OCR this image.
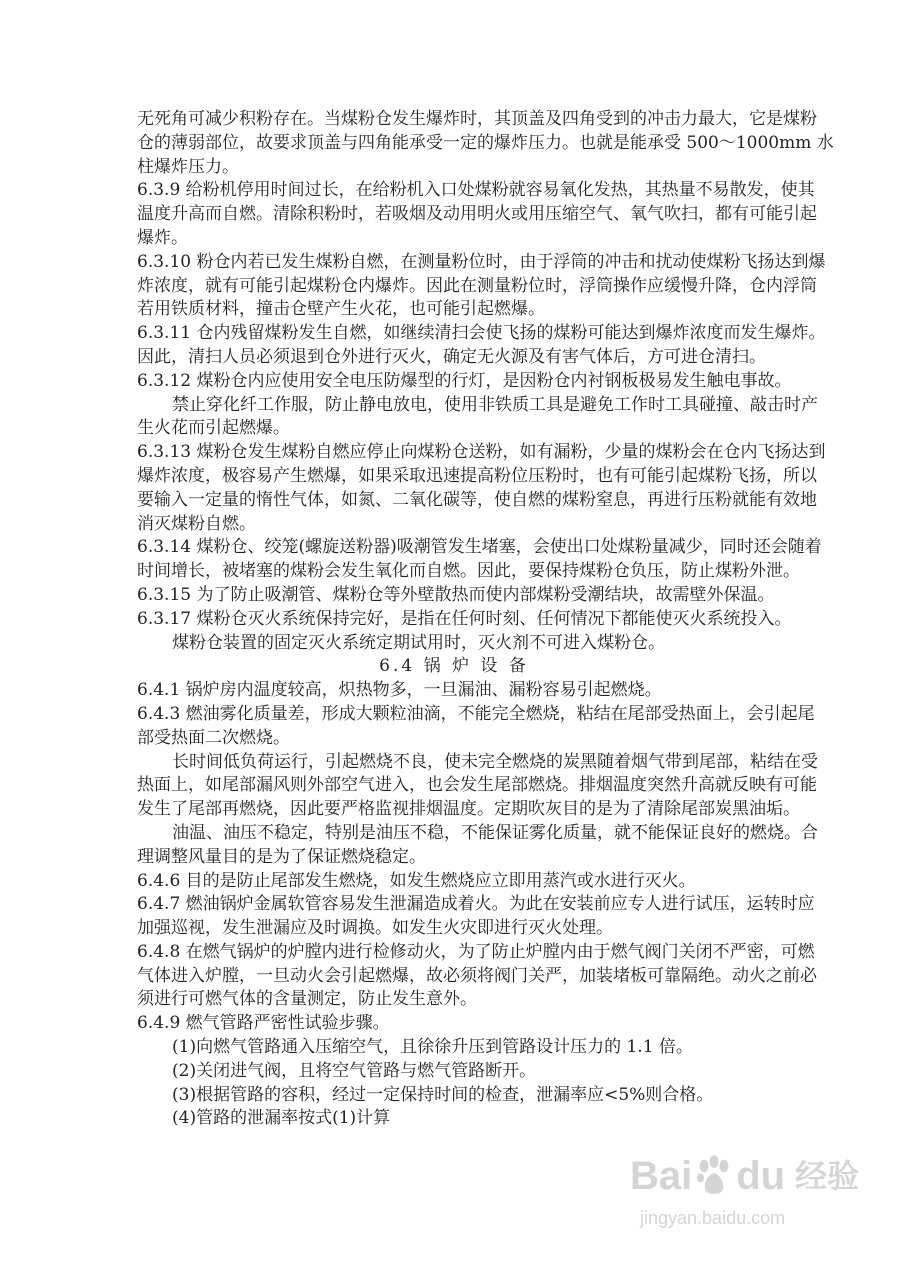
无死角可减少积粉存在。当煤粉仓发生爆炸时，其顶盖及四角受到的冲击力最大，它是煤粉
仓的薄弱部位，故要求顶盖与四角能承受一定的爆炸压力。也就是能承受 500～1000mm 水
柱爆炸压力。
6.3.9 给粉机停用时间过长，在给粉机入口处煤粉就容易氧化发热，其热量不易散发，使其
温度升高而自燃。清除积粉时，若吸烟及动用明火或用压缩空气、氧气吹扫，都有可能引起
爆炸。
6.3.10 粉仓内若已发生煤粉自燃，在测量粉位时，由于浮筒的冲击和扰动使煤粉飞扬达到爆
炸浓度，就有可能引起煤粉仓内爆炸。因此在测量粉位时，浮筒操作应缓慢升降，仓内浮筒
若用铁质材料，撞击仓壁产生火花，也可能引起燃爆。
6.3.11 仓内残留煤粉发生自燃，如继续清扫会使飞扬的煤粉可能达到爆炸浓度而发生爆炸。
因此，清扫人员必须退到仓外进行灭火，确定无火源及有害气体后，方可进仓清扫。
6.3.12 煤粉仓内应使用安全电压防爆型的行灯，是因粉仓内衬钢板极易发生触电事故。
禁止穿化纤工作服，防止静电放电，使用非铁质工具是避免工作时工具碰撞、敲击时产
生火花而引起燃爆。
6.3.13 煤粉仓发生煤粉自燃应停止向煤粉仓送粉，如有漏粉，少量的煤粉会在仓内飞扬达到
爆炸浓度，极容易产生燃爆，如果采取迅速提高粉位压粉时，也有可能引起煤粉飞扬，所以
要输入一定量的惰性气体，如氮、二氧化碳等，使自燃的煤粉窒息，再进行压粉就能有效地
消灭煤粉自燃。
6.3.14 煤粉仓、绞笼(螺旋送粉器)吸潮管发生堵塞，会使出口处煤粉量减少，同时还会随着
时间增长，被堵塞的煤粉会发生氧化而自燃。因此，要保持煤粉仓负压，防止煤粉外泄。
6.3.15 为了防止吸潮管、煤粉仓等外壁散热而使内部煤粉受潮结块，故需壁外保温。
6.3.17 煤粉仓灭火系统保持完好，是指在任何时刻、任何情况下都能使灭火系统投入。
煤粉仓装置的固定灭火系统定期试用时，灭火剂不可进入煤粉仓。
6.4 锅 炉 设 备
6.4.1 锅炉房内温度较高，炽热物多，一旦漏油、漏粉容易引起燃烧。
6.4.3 燃油雾化质量差，形成大颗粒油滴，不能完全燃烧，粘结在尾部受热面上，会引起尾
部受热面二次燃烧。
长时间低负荷运行，引起燃烧不良，使未完全燃烧的炭黑随着烟气带到尾部，粘结在受
热面上，如尾部漏风则外部空气进入，也会发生尾部燃烧。排烟温度突然升高就反映有可能
发生了尾部再燃烧，因此要严格监视排烟温度。定期吹灰目的是为了清除尾部炭黑油垢。
油温、油压不稳定，特别是油压不稳，不能保证雾化质量，就不能保证良好的燃烧。合
理调整风量目的是为了保证燃烧稳定。
6.4.6 目的是防止尾部发生燃烧，如发生燃烧应立即用蒸汽或水进行灭火。
6.4.7 燃油锅炉金属软管容易发生泄漏造成着火。为此在安装前应专人进行试压，运转时应
加强巡视，发生泄漏应及时调换。如发生火灾即进行灭火处理。
6.4.8 在燃气锅炉的炉膛内进行检修动火，为了防止炉膛内由于燃气阀门关闭不严密，可燃
气体进入炉膛，一旦动火会引起燃爆，故必须将阀门关严，加装堵板可靠隔绝。动火之前必
须进行可燃气体的含量测定，防止发生意外。
6.4.9 燃气管路严密性试验步骤。
(1)向燃气管路通入压缩空气，且徐徐升压到管路设计压力的 1.1 倍。
(2)关闭进气阀，且将空气管路与燃气管路断开。
(3)根据管路的容积，经过一定保持时间的检查，泄漏率应<5%则合格。
(4)管路的泄漏率按式(1)计算
Bai du 经验
jingyan.baidu.com
